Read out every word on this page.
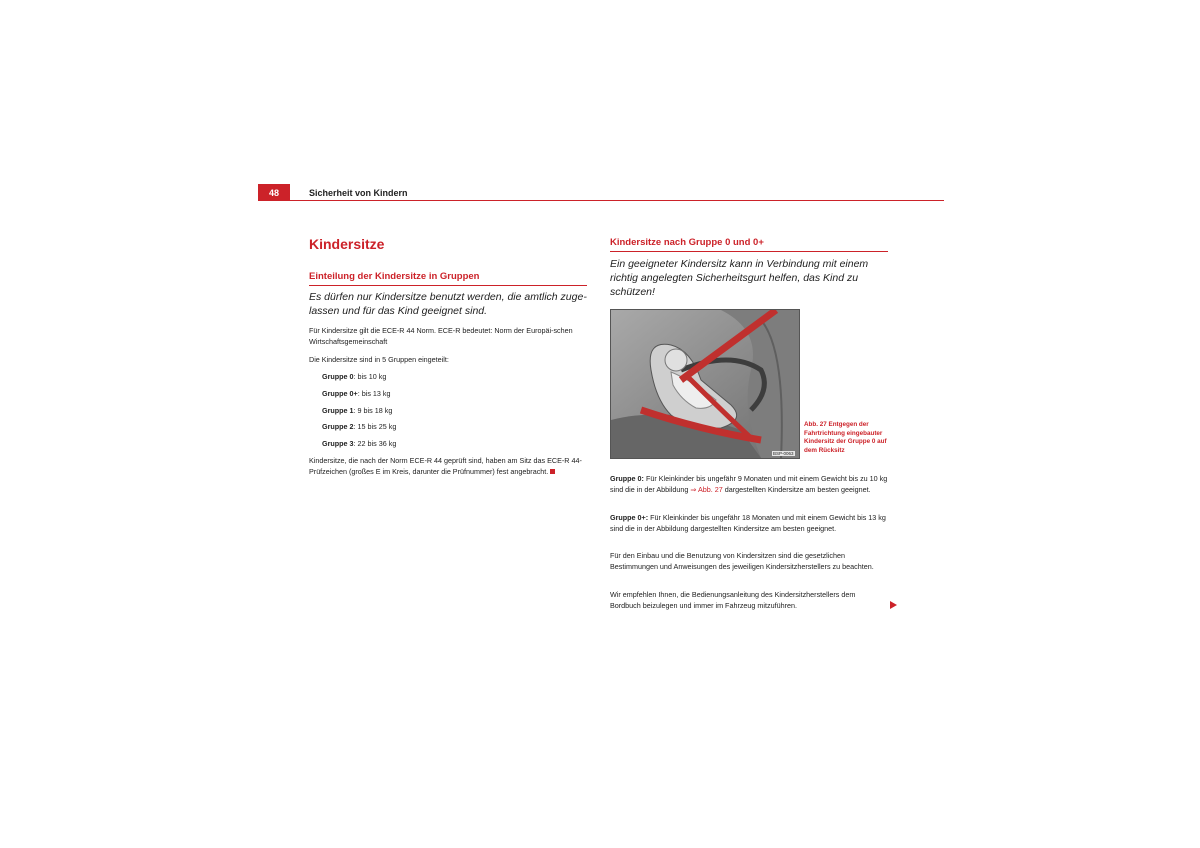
48	Sicherheit von Kindern
Kindersitze
Einteilung der Kindersitze in Gruppen
Es dürfen nur Kindersitze benutzt werden, die amtlich zuge-lassen und für das Kind geeignet sind.
Für Kindersitze gilt die ECE-R 44 Norm. ECE-R bedeutet: Norm der Europäi-schen Wirtschaftsgemeinschaft
Die Kindersitze sind in 5 Gruppen eingeteilt:
Gruppe 0: bis 10 kg
Gruppe 0+: bis 13 kg
Gruppe 1: 9 bis 18 kg
Gruppe 2: 15 bis 25 kg
Gruppe 3: 22 bis 36 kg
Kindersitze, die nach der Norm ECE-R 44 geprüft sind, haben am Sitz das ECE-R 44-Prüfzeichen (großes E im Kreis, darunter die Prüfnummer) fest angebracht.
Kindersitze nach Gruppe 0 und 0+
Ein geeigneter Kindersitz kann in Verbindung mit einem richtig angelegten Sicherheitsgurt helfen, das Kind zu schützen!
BSP-0063
Abb. 27 Entgegen der Fahrtrichtung eingebauter Kindersitz der Gruppe 0 auf dem Rücksitz
Gruppe 0: Für Kleinkinder bis ungefähr 9 Monaten und mit einem Gewicht bis zu 10 kg sind die in der Abbildung ⇒ Abb. 27 dargestellten Kindersitze am besten geeignet.
Gruppe 0+: Für Kleinkinder bis ungefähr 18 Monaten und mit einem Gewicht bis 13 kg sind die in der Abbildung dargestellten Kindersitze am besten geeignet.
Für den Einbau und die Benutzung von Kindersitzen sind die gesetzlichen Bestimmungen und Anweisungen des jeweiligen Kindersitzherstellers zu beachten.
Wir empfehlen Ihnen, die Bedienungsanleitung des Kindersitzherstellers dem Bordbuch beizulegen und immer im Fahrzeug mitzuführen.
